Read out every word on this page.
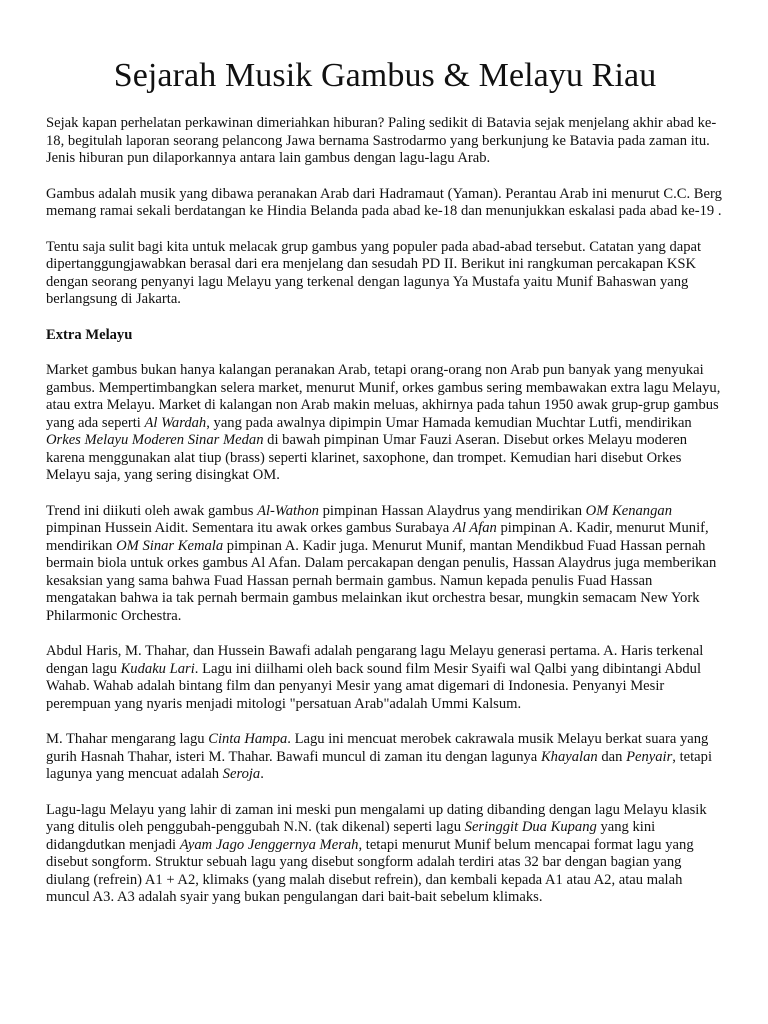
Sejarah Musik Gambus & Melayu Riau

Sejak kapan perhelatan perkawinan dimeriahkan hiburan? Paling sedikit di Batavia sejak menjelang akhir abad ke-18, begitulah laporan seorang pelancong Jawa bernama Sastrodarmo yang berkunjung ke Batavia pada zaman itu. Jenis hiburan pun dilaporkannya antara lain gambus dengan lagu-lagu Arab.

Gambus adalah musik yang dibawa peranakan Arab dari Hadramaut (Yaman). Perantau Arab ini menurut C.C. Berg memang ramai sekali berdatangan ke Hindia Belanda pada abad ke-18 dan menunjukkan eskalasi pada abad ke-19 .

Tentu saja sulit bagi kita untuk melacak grup gambus yang populer pada abad-abad tersebut. Catatan yang dapat dipertanggungjawabkan berasal dari era menjelang dan sesudah PD II. Berikut ini rangkuman percakapan KSK dengan seorang penyanyi lagu Melayu yang terkenal dengan lagunya Ya Mustafa yaitu Munif Bahaswan yang berlangsung di Jakarta.

Extra Melayu

Market gambus bukan hanya kalangan peranakan Arab, tetapi orang-orang non Arab pun banyak yang menyukai gambus. Mempertimbangkan selera market, menurut Munif, orkes gambus sering membawakan extra lagu Melayu, atau extra Melayu. Market di kalangan non Arab makin meluas, akhirnya pada tahun 1950 awak grup-grup gambus yang ada seperti Al Wardah, yang pada awalnya dipimpin Umar Hamada kemudian Muchtar Lutfi, mendirikan Orkes Melayu Moderen Sinar Medan di bawah pimpinan Umar Fauzi Aseran. Disebut orkes Melayu moderen karena menggunakan alat tiup (brass) seperti klarinet, saxophone, dan trompet. Kemudian hari disebut Orkes Melayu saja, yang sering disingkat OM.

Trend ini diikuti oleh awak gambus Al-Wathon pimpinan Hassan Alaydrus yang mendirikan OM Kenangan pimpinan Hussein Aidit. Sementara itu awak orkes gambus Surabaya Al Afan pimpinan A. Kadir, menurut Munif, mendirikan OM Sinar Kemala pimpinan A. Kadir juga. Menurut Munif, mantan Mendikbud Fuad Hassan pernah bermain biola untuk orkes gambus Al Afan. Dalam percakapan dengan penulis, Hassan Alaydrus juga memberikan kesaksian yang sama bahwa Fuad Hassan pernah bermain gambus. Namun kepada penulis Fuad Hassan mengatakan bahwa ia tak pernah bermain gambus melainkan ikut orchestra besar, mungkin semacam New York Philarmonic Orchestra.

Abdul Haris, M. Thahar, dan Hussein Bawafi adalah pengarang lagu Melayu generasi pertama. A. Haris terkenal dengan lagu Kudaku Lari. Lagu ini diilhami oleh back sound film Mesir Syaifi wal Qalbi yang dibintangi Abdul Wahab. Wahab adalah bintang film dan penyanyi Mesir yang amat digemari di Indonesia. Penyanyi Mesir perempuan yang nyaris menjadi mitologi "persatuan Arab"adalah Ummi Kalsum.

M. Thahar mengarang lagu Cinta Hampa. Lagu ini mencuat merobek cakrawala musik Melayu berkat suara yang gurih Hasnah Thahar, isteri M. Thahar. Bawafi muncul di zaman itu dengan lagunya Khayalan dan Penyair, tetapi lagunya yang mencuat adalah Seroja.

Lagu-lagu Melayu yang lahir di zaman ini meski pun mengalami up dating dibanding dengan lagu Melayu klasik yang ditulis oleh penggubah-penggubah N.N. (tak dikenal) seperti lagu Seringgit Dua Kupang yang kini didangdutkan menjadi Ayam Jago Jenggernya Merah, tetapi menurut Munif belum mencapai format lagu yang disebut songform. Struktur sebuah lagu yang disebut songform adalah terdiri atas 32 bar dengan bagian yang diulang (refrein) A1 + A2, klimaks (yang malah disebut refrein), dan kembali kepada A1 atau A2, atau malah muncul A3. A3 adalah syair yang bukan pengulangan dari bait-bait sebelum klimaks.
